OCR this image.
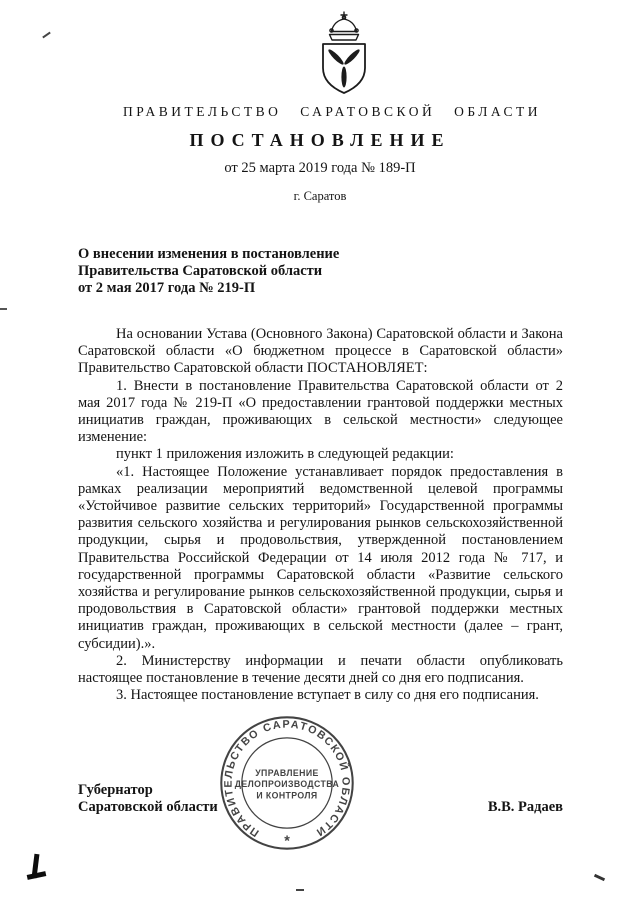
ПРАВИТЕЛЬСТВО САРАТОВСКОЙ ОБЛАСТИ
ПОСТАНОВЛЕНИЕ
от 25 марта 2019 года № 189-П
г. Саратов
О внесении изменения в постановление
Правительства Саратовской области
от 2 мая 2017 года № 219-П

На основании Устава (Основного Закона) Саратовской области и Закона Саратовской области «О бюджетном процессе в Саратовской области» Правительство Саратовской области ПОСТАНОВЛЯЕТ:

1. Внести в постановление Правительства Саратовской области от 2 мая 2017 года № 219-П «О предоставлении грантовой поддержки местных инициатив граждан, проживающих в сельской местности» следующее изменение:

пункт 1 приложения изложить в следующей редакции:

«1. Настоящее Положение устанавливает порядок предоставления в рамках реализации мероприятий ведомственной целевой программы «Устойчивое развитие сельских территорий» Государственной программы развития сельского хозяйства и регулирования рынков сельскохозяйственной продукции, сырья и продовольствия, утвержденной постановлением Правительства Российской Федерации от 14 июля 2012 года № 717, и государственной программы Саратовской области «Развитие сельского хозяйства и регулирование рынков сельскохозяйственной продукции, сырья и продовольствия в Саратовской области» грантовой поддержки местных инициатив граждан, проживающих в сельской местности (далее – грант, субсидии).».

2. Министерству информации и печати области опубликовать настоящее постановление в течение десяти дней со дня его подписания.

3. Настоящее постановление вступает в силу со дня его подписания.

Губернатор
Саратовской области	В.В. Радаев
ПРАВИТЕЛЬСТВО САРАТОВСКОЙ ОБЛАСТИ
*
УПРАВЛЕНИЕ
ДЕЛОПРОИЗВОДСТВА
И КОНТРОЛЯ
